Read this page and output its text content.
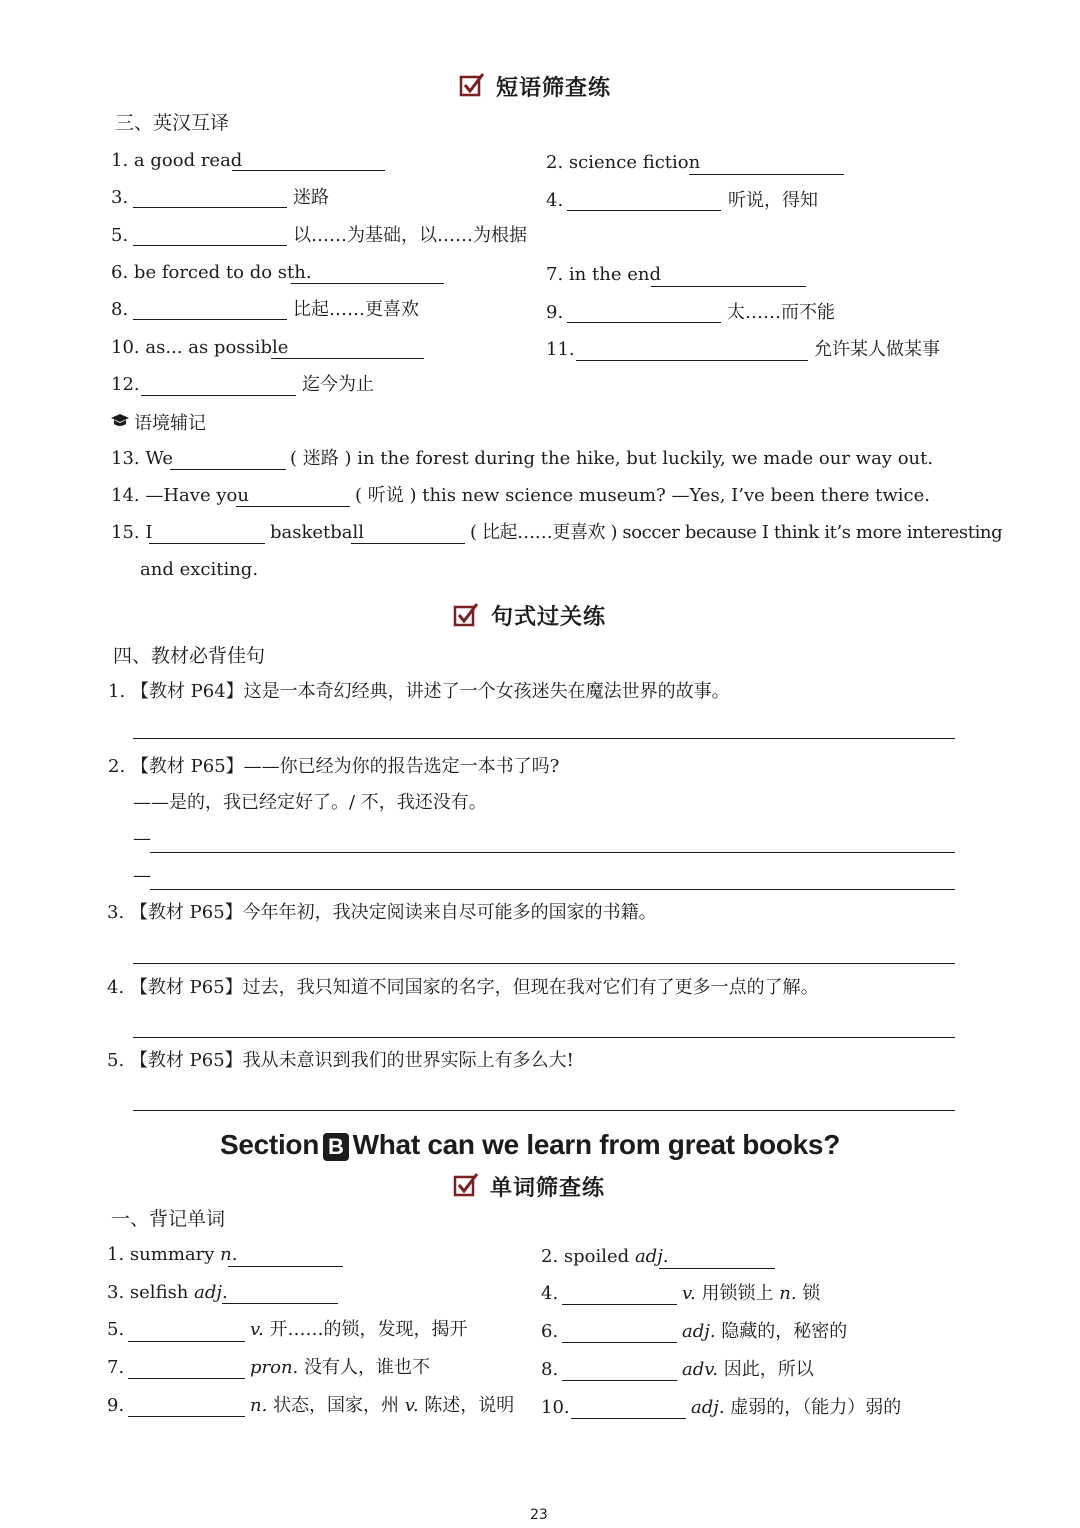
短语筛查练
三、英汉互译
1. a good read	2. science fiction
3.	迷路	4.	听说，得知
5.	以……为基础，以……为根据
6. be forced to do sth.	7. in the end
8.	比起……更喜欢	9.	太……而不能
10. as... as possible	11.	允许某人做某事
12.	迄今为止
语境辅记
13. We	( 迷路 ) in the forest during the hike, but luckily, we made our way out.
14. —Have you	( 听说 ) this new science museum? —Yes, I’ve been there twice.
15. I	basketball	( 比起……更喜欢 ) soccer because I think it’s more interesting
and exciting.
句式过关练
四、教材必背佳句
1. 【教材 P64】这是一本奇幻经典，讲述了一个女孩迷失在魔法世界的故事。
2. 【教材 P65】——你已经为你的报告选定一本书了吗?
——是的，我已经定好了。/ 不，我还没有。
—
—
3. 【教材 P65】今年年初，我决定阅读来自尽可能多的国家的书籍。
4. 【教材 P65】过去，我只知道不同国家的名字，但现在我对它们有了更多一点的了解。
5. 【教材 P65】我从未意识到我们的世界实际上有多么大!
Section B What can we learn from great books?
单词筛查练
一、背记单词
1. summary n.	2. spoiled adj.
3. selfish adj.	4.	v. 用锁锁上 n. 锁
5.	v. 开……的锁，发现，揭开	6.	adj. 隐藏的，秘密的
7.	pron. 没有人，谁也不	8.	adv. 因此，所以
9.	n. 状态，国家，州 v. 陈述，说明 10.	adj. 虚弱的，（能力）弱的
23
